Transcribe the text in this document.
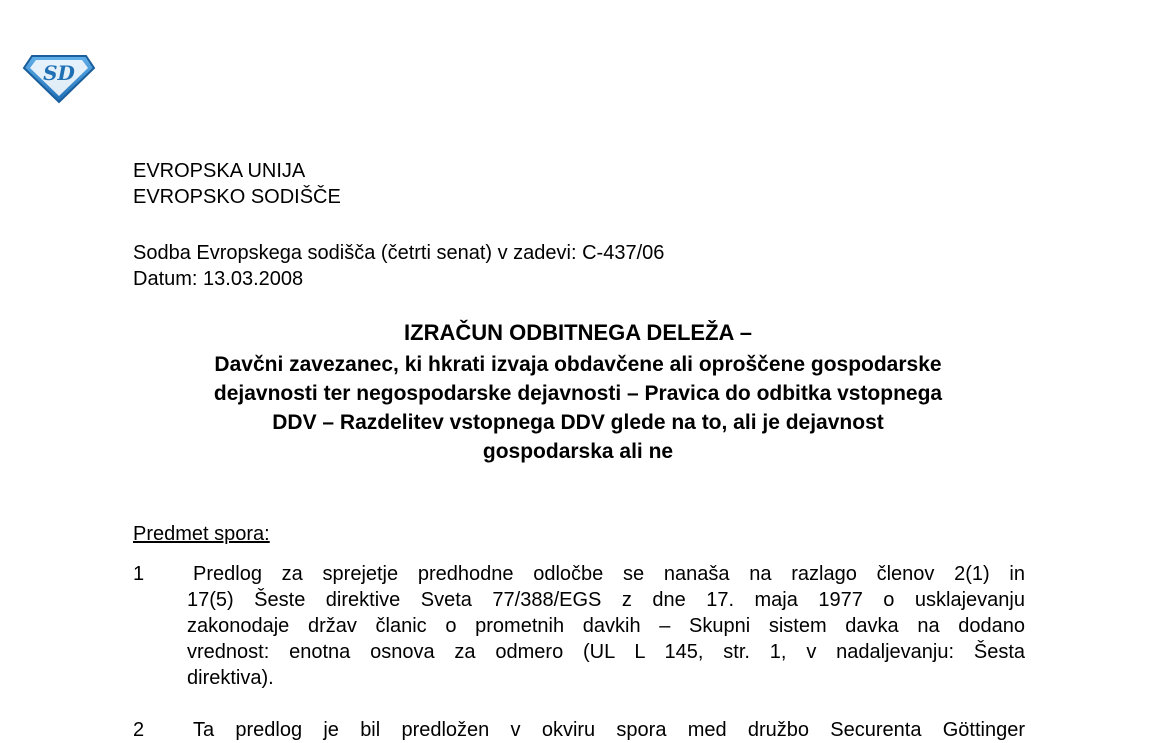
SD
EVROPSKA UNIJA
EVROPSKO SODIŠČE
Sodba Evropskega sodišča (četrti senat) v zadevi: C-437/06
Datum: 13.03.2008
IZRAČUN ODBITNEGA DELEŽA –
Davčni zavezanec, ki hkrati izvaja obdavčene ali oproščene gospodarske
dejavnosti ter negospodarske dejavnosti – Pravica do odbitka vstopnega
DDV – Razdelitev vstopnega DDV glede na to, ali je dejavnost
gospodarska ali ne
Predmet spora:
1	Predlog za sprejetje predhodne odločbe se nanaša na razlago členov 2(1) in
17(5) Šeste direktive Sveta 77/388/EGS z dne 17. maja 1977 o usklajevanju
zakonodaje držav članic o prometnih davkih – Skupni sistem davka na dodano
vrednost: enotna osnova za odmero (UL L 145, str. 1, v nadaljevanju: Šesta
direktiva).
2	Ta predlog je bil predložen v okviru spora med družbo Securenta Göttinger
